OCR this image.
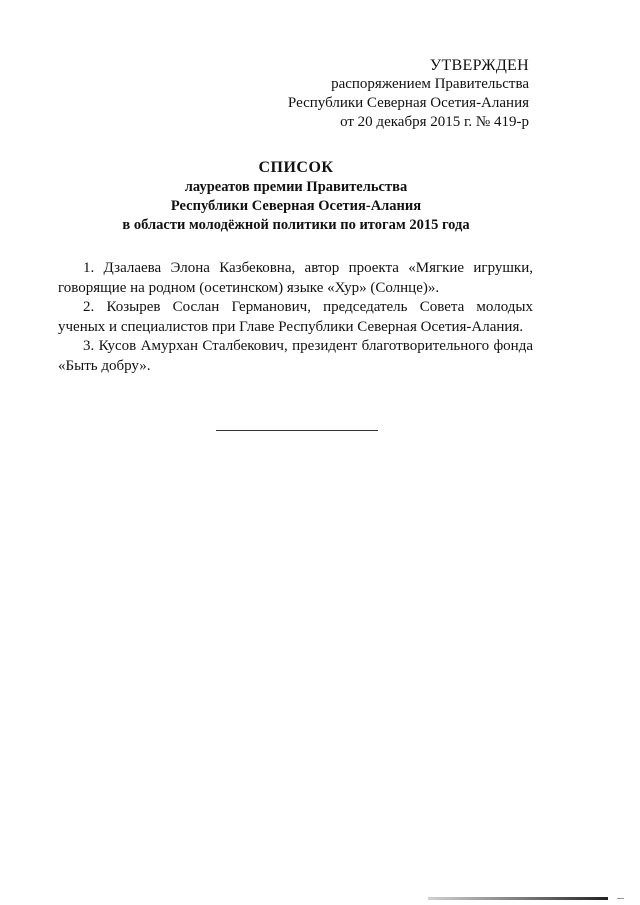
УТВЕРЖДЕН
распоряжением Правительства
Республики Северная Осетия-Алания
от 20 декабря 2015 г. № 419-р
СПИСОК
лауреатов премии Правительства
Республики Северная Осетия-Алания
в области молодёжной политики по итогам 2015 года

1. Дзалаева Элона Казбековна, автор проекта «Мягкие игрушки, говорящие на родном (осетинском) языке «Хур» (Солнце)».

2. Козырев Сослан Германович, председатель Совета молодых ученых и специалистов при Главе Республики Северная Осетия-Алания.

3. Кусов Амурхан Сталбекович, президент благотворительного фонда «Быть добру».
